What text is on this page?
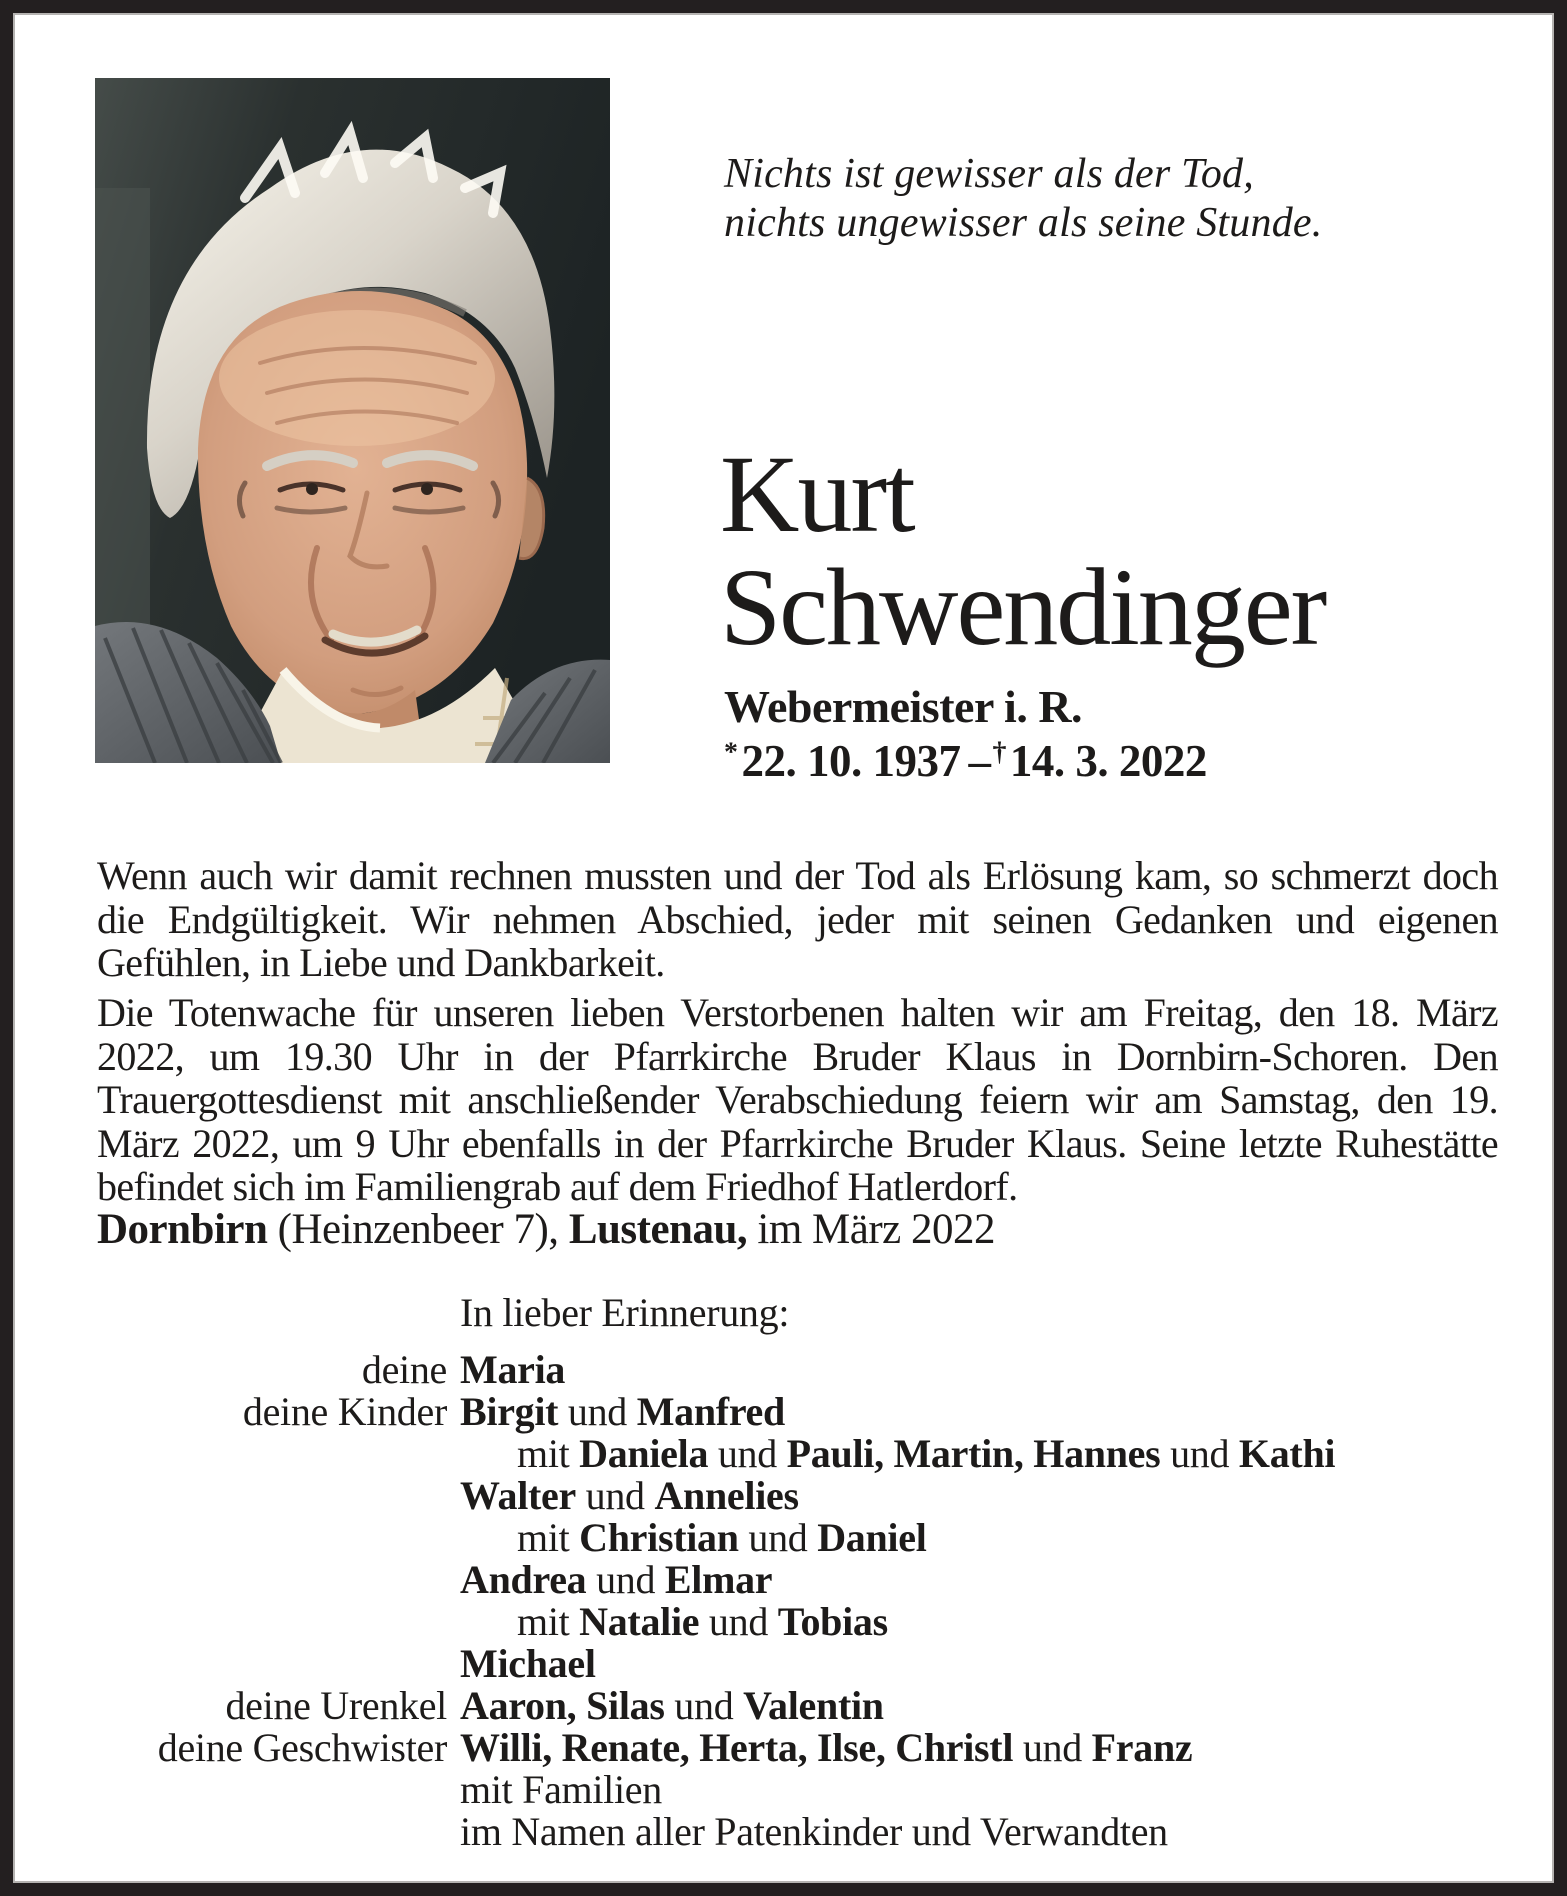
Nichts ist gewisser als der Tod,
nichts ungewisser als seine Stunde.
Kurt
Schwendinger
Webermeister i. R.
*22. 10. 1937 –†14. 3. 2022

Wenn auch wir damit rechnen mussten und der Tod als Erlösung kam, so schmerzt doch die Endgültigkeit. Wir nehmen Abschied, jeder mit seinen Gedanken und eigenen Gefühlen, in Liebe und Dankbarkeit.

Die Totenwache für unseren lieben Verstorbenen halten wir am Freitag, den 18. März 2022, um 19.30 Uhr in der Pfarrkirche Bruder Klaus in Dornbirn-Schoren. Den Trauergottesdienst mit anschließender Verabschiedung feiern wir am Samstag, den 19. März 2022, um 9 Uhr ebenfalls in der Pfarrkirche Bruder Klaus. Seine letzte Ruhestätte befindet sich im Familiengrab auf dem Friedhof Hatlerdorf.

Dornbirn (Heinzenbeer 7), Lustenau, im März 2022
In lieber Erinnerung:
deine Maria
deine Kinder Birgit und Manfred
mit Daniela und Pauli, Martin, Hannes und Kathi
Walter und Annelies
mit Christian und Daniel
Andrea und Elmar
mit Natalie und Tobias
Michael
deine Urenkel Aaron, Silas und Valentin
deine Geschwister Willi, Renate, Herta, Ilse, Christl und Franz
mit Familien
im Namen aller Patenkinder und Verwandten
